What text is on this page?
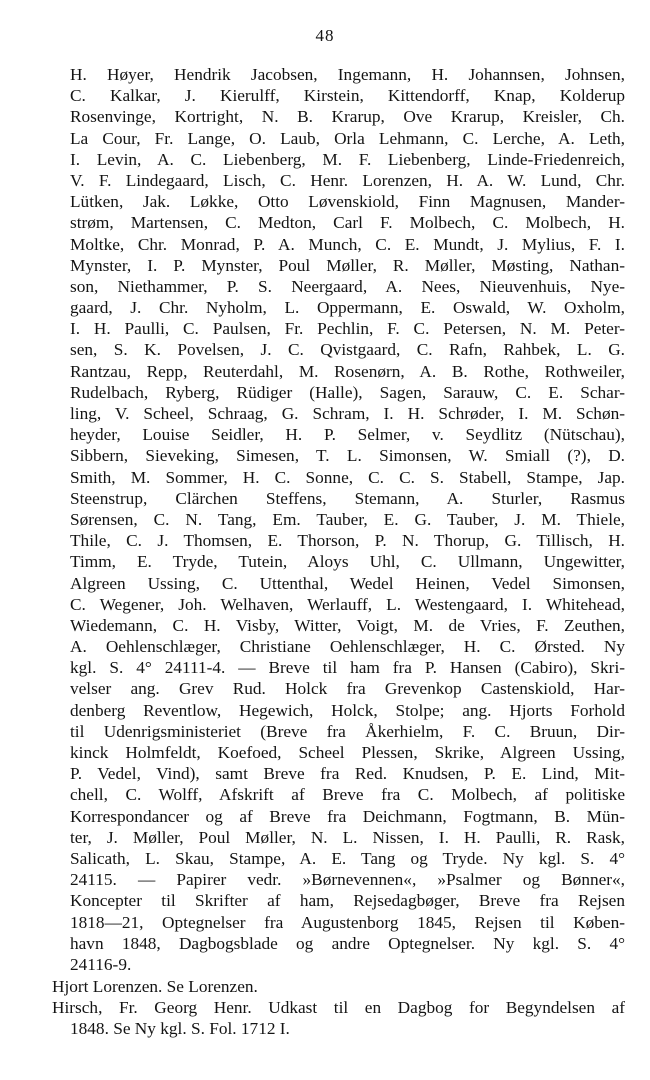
48
H. Høyer, Hendrik Jacobsen, Ingemann, H. Johannsen, Johnsen,
C. Kalkar, J. Kierulff, Kirstein, Kittendorff, Knap, Kolderup
Rosenvinge, Kortright, N. B. Krarup, Ove Krarup, Kreisler, Ch.
La Cour, Fr. Lange, O. Laub, Orla Lehmann, C. Lerche, A. Leth,
I. Levin, A. C. Liebenberg, M. F. Liebenberg, Linde-Friedenreich,
V. F. Lindegaard, Lisch, C. Henr. Lorenzen, H. A. W. Lund, Chr.
Lütken, Jak. Løkke, Otto Løvenskiold, Finn Magnusen, Mander-
strøm, Martensen, C. Medton, Carl F. Molbech, C. Molbech, H.
Moltke, Chr. Monrad, P. A. Munch, C. E. Mundt, J. Mylius, F. I.
Mynster, I. P. Mynster, Poul Møller, R. Møller, Møsting, Nathan-
son, Niethammer, P. S. Neergaard, A. Nees, Nieuvenhuis, Nye-
gaard, J. Chr. Nyholm, L. Oppermann, E. Oswald, W. Oxholm,
I. H. Paulli, C. Paulsen, Fr. Pechlin, F. C. Petersen, N. M. Peter-
sen, S. K. Povelsen, J. C. Qvistgaard, C. Rafn, Rahbek, L. G.
Rantzau, Repp, Reuterdahl, M. Rosenørn, A. B. Rothe, Rothweiler,
Rudelbach, Ryberg, Rüdiger (Halle), Sagen, Sarauw, C. E. Schar-
ling, V. Scheel, Schraag, G. Schram, I. H. Schrøder, I. M. Schøn-
heyder, Louise Seidler, H. P. Selmer, v. Seydlitz (Nütschau),
Sibbern, Sieveking, Simesen, T. L. Simonsen, W. Smiall (?), D.
Smith, M. Sommer, H. C. Sonne, C. C. S. Stabell, Stampe, Jap.
Steenstrup, Clärchen Steffens, Stemann, A. Sturler, Rasmus
Sørensen, C. N. Tang, Em. Tauber, E. G. Tauber, J. M. Thiele,
Thile, C. J. Thomsen, E. Thorson, P. N. Thorup, G. Tillisch, H.
Timm, E. Tryde, Tutein, Aloys Uhl, C. Ullmann, Ungewitter,
Algreen Ussing, C. Uttenthal, Wedel Heinen, Vedel Simonsen,
C. Wegener, Joh. Welhaven, Werlauff, L. Westengaard, I. Whitehead,
Wiedemann, C. H. Visby, Witter, Voigt, M. de Vries, F. Zeuthen,
A. Oehlenschlæger, Christiane Oehlenschlæger, H. C. Ørsted. Ny
kgl. S. 4° 24111-4. — Breve til ham fra P. Hansen (Cabiro), Skri-
velser ang. Grev Rud. Holck fra Grevenkop Castenskiold, Har-
denberg Reventlow, Hegewich, Holck, Stolpe; ang. Hjorts Forhold
til Udenrigsministeriet (Breve fra Åkerhielm, F. C. Bruun, Dir-
kinck Holmfeldt, Koefoed, Scheel Plessen, Skrike, Algreen Ussing,
P. Vedel, Vind), samt Breve fra Red. Knudsen, P. E. Lind, Mit-
chell, C. Wolff, Afskrift af Breve fra C. Molbech, af politiske
Korrespondancer og af Breve fra Deichmann, Fogtmann, B. Mün-
ter, J. Møller, Poul Møller, N. L. Nissen, I. H. Paulli, R. Rask,
Salicath, L. Skau, Stampe, A. E. Tang og Tryde. Ny kgl. S. 4°
24115. — Papirer vedr. »Børnevennen«, »Psalmer og Bønner«,
Koncepter til Skrifter af ham, Rejsedagbøger, Breve fra Rejsen
1818—21, Optegnelser fra Augustenborg 1845, Rejsen til Køben-
havn 1848, Dagbogsblade og andre Optegnelser. Ny kgl. S. 4°
24116-9.
Hjort Lorenzen. Se Lorenzen.
Hirsch, Fr. Georg Henr. Udkast til en Dagbog for Begyndelsen af
1848. Se Ny kgl. S. Fol. 1712 I.
